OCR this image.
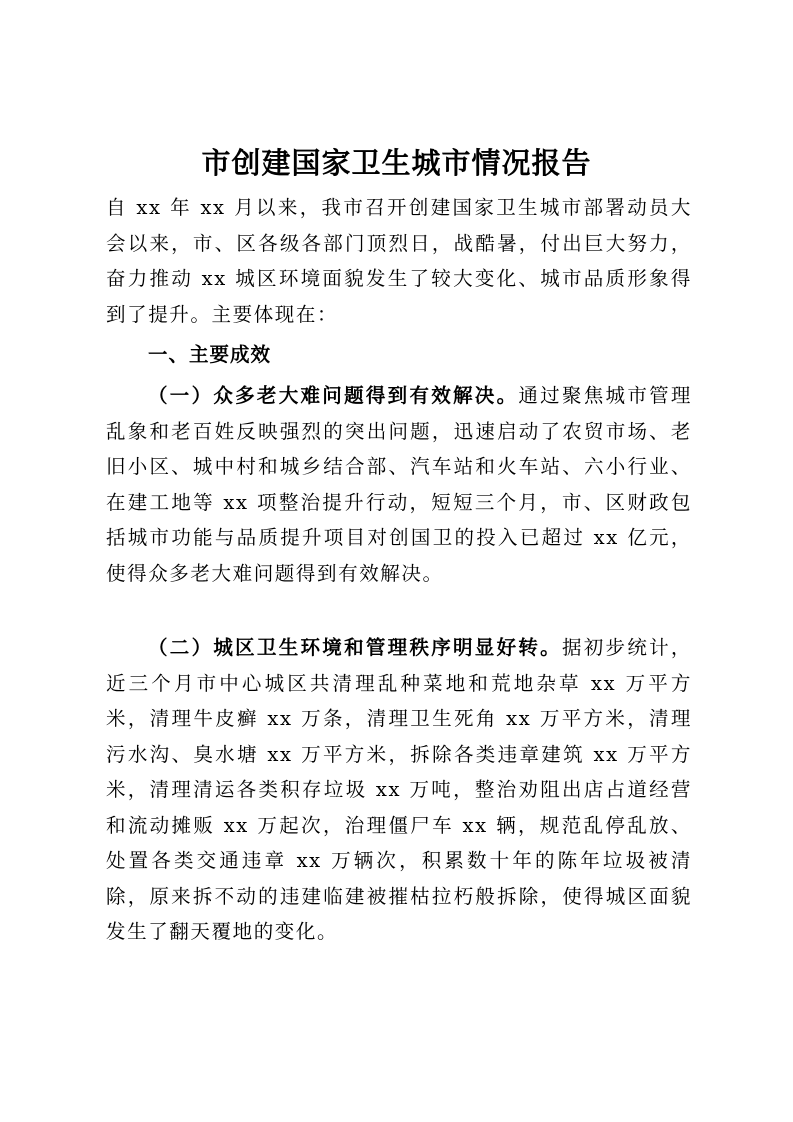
市创建国家卫生城市情况报告
自 xx 年 xx 月以来，我市召开创建国家卫生城市部署动员大会以来，市、区各级各部门顶烈日，战酷暑，付出巨大努力，奋力推动 xx 城区环境面貌发生了较大变化、城市品质形象得到了提升。主要体现在：
一、主要成效
（一）众多老大难问题得到有效解决。通过聚焦城市管理乱象和老百姓反映强烈的突出问题，迅速启动了农贸市场、老旧小区、城中村和城乡结合部、汽车站和火车站、六小行业、在建工地等 xx 项整治提升行动，短短三个月，市、区财政包括城市功能与品质提升项目对创国卫的投入已超过 xx 亿元，使得众多老大难问题得到有效解决。
（二）城区卫生环境和管理秩序明显好转。据初步统计，近三个月市中心城区共清理乱种菜地和荒地杂草 xx 万平方米，清理牛皮癣 xx 万条，清理卫生死角 xx 万平方米，清理污水沟、臭水塘 xx 万平方米，拆除各类违章建筑 xx 万平方米，清理清运各类积存垃圾 xx 万吨，整治劝阻出店占道经营和流动摊贩 xx 万起次，治理僵尸车 xx 辆，规范乱停乱放、处置各类交通违章 xx 万辆次，积累数十年的陈年垃圾被清除，原来拆不动的违建临建被摧枯拉朽般拆除，使得城区面貌发生了翻天覆地的变化。
